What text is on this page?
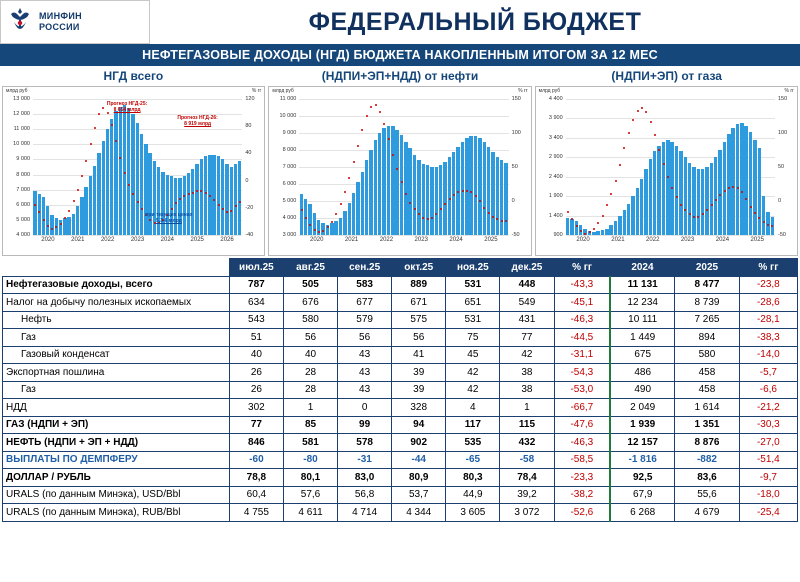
МИНФИН
РОССИИ	ФЕДЕРАЛЬНЫЙ БЮДЖЕТ
НЕФТЕГАЗОВЫЕ ДОХОДЫ (НГД) БЮДЖЕТА НАКОПЛЕННЫМ ИТОГОМ ЗА 12 МЕС
НГД всего	(НДПИ+ЭП+НДД) от нефти	(НДПИ+ЭП) от газа
млрд руб	% гг
13 000
12 000
11 000
10 000
9 000
8 000
7 000
6 000
5 000
4 000
120
80
40
0
-20
-40
2020	2021	2022	2023	2024	2025	2026
Прогноз НГД-25:
8 654 млрд
Прогноз НГД-26:
8 919 млрд
при текущих ценах
5,3-6 млрд
млрд руб	% гг
11 000
10 000
9 000
8 000
7 000
6 000
5 000
4 000
3 000
150
100
50
0
-50
2020	2021	2022	2023	2024	2025
млрд руб	% гг
4 400
3 900
3 400
2 900
2 400
1 900
1 400
900
150
100
50
0
-50
2020	2021	2022	2023	2024	2025
	июл.25	авг.25	сен.25	окт.25	ноя.25	дек.25	% гг	2024	2025	% гг
Нефтегазовые доходы, всего	787	505	583	889	531	448	-43,3	11 131	8 477	-23,8
Налог на добычу полезных ископаемых	634	676	677	671	651	549	-45,1	12 234	8 739	-28,6
Нефть	543	580	579	575	531	431	-46,3	10 111	7 265	-28,1
Газ	51	56	56	56	75	77	-44,5	1 449	894	-38,3
Газовый конденсат	40	40	43	41	45	42	-31,1	675	580	-14,0
Экспортная пошлина	26	28	43	39	42	38	-54,3	486	458	-5,7
Газ	26	28	43	39	42	38	-53,0	490	458	-6,6
НДД	302	1	0	328	4	1	-66,7	2 049	1 614	-21,2
ГАЗ (НДПИ + ЭП)	77	85	99	94	117	115	-47,6	1 939	1 351	-30,3
НЕФТЬ (НДПИ + ЭП + НДД)	846	581	578	902	535	432	-46,3	12 157	8 876	-27,0
ВЫПЛАТЫ ПО ДЕМПФЕРУ	-60	-80	-31	-44	-65	-58	-58,5	-1 816	-882	-51,4
ДОЛЛАР / РУБЛЬ	78,8	80,1	83,0	80,9	80,3	78,4	-23,3	92,5	83,6	-9,7
URALS (по данным Минэка), USD/Bbl	60,4	57,6	56,8	53,7	44,9	39,2	-38,2	67,9	55,6	-18,0
URALS (по данным Минэка), RUB/Bbl	4 755	4 611	4 714	4 344	3 605	3 072	-52,6	6 268	4 679	-25,4
